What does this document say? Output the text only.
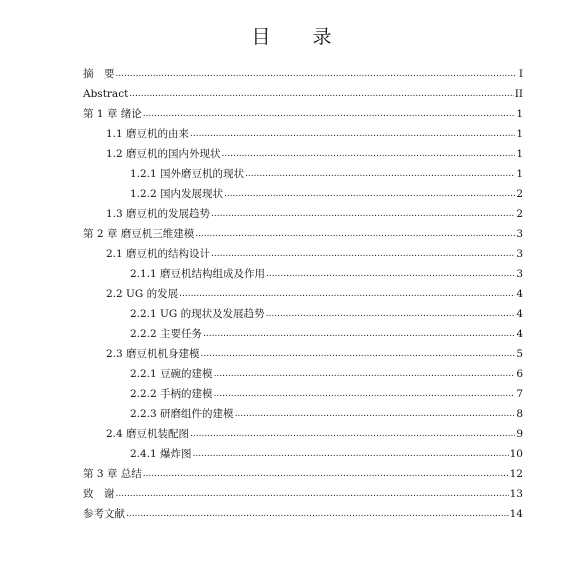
目 录
摘　要 .....	I
Abstract .....	II
第 1 章 绪论 .....	1
1.1 磨豆机的由来 .....	1
1.2 磨豆机的国内外现状 .....	1
1.2.1 国外磨豆机的现状 .....	1
1.2.2 国内发展现状 .....	2
1.3 磨豆机的发展趋势 .....	2
第 2 章 磨豆机三维建模 .....	3
2.1 磨豆机的结构设计 .....	3
2.1.1 磨豆机结构组成及作用 .....	3
2.2 UG 的发展 .....	4
2.2.1 UG 的现状及发展趋势 .....	4
2.2.2 主要任务 .....	4
2.3 磨豆机机身建模 .....	5
2.2.1 豆碗的建模 .....	6
2.2.2 手柄的建模 .....	7
2.2.3 研磨组件的建模 .....	8
2.4 磨豆机装配图 .....	9
2.4.1 爆炸图 .....	10
第 3 章 总结 .....	12
致　谢 .....	13
参考文献 .....	14
